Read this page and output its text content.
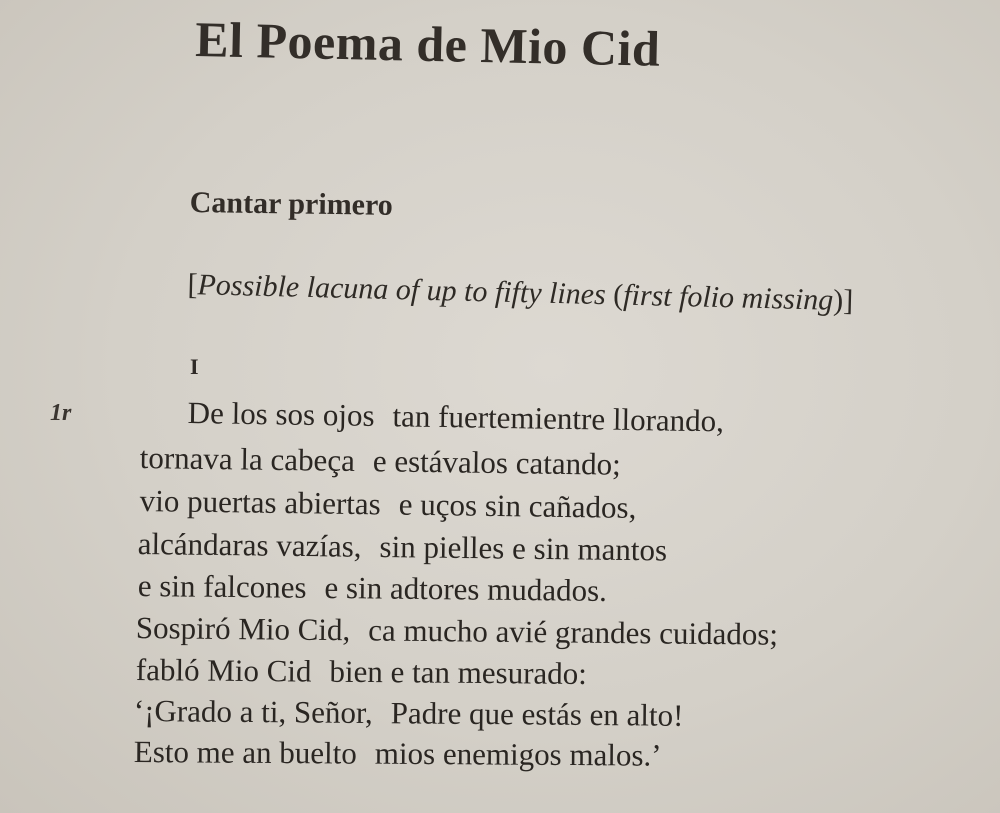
El Poema de Mio Cid
Cantar primero

[Possible lacuna of up to fifty lines (first folio missing)]

I
1r	De los sos ojos tan fuertemientre llorando,
tornava la cabeça e estávalos catando;
vio puertas abiertas e uços sin cañados,
alcándaras vazías, sin pielles e sin mantos
e sin falcones e sin adtores mudados.
Sospiró Mio Cid, ca mucho avié grandes cuidados;
fabló Mio Cid bien e tan mesurado:
‘¡Grado a ti, Señor, Padre que estás en alto!
Esto me an buelto mios enemigos malos.’
